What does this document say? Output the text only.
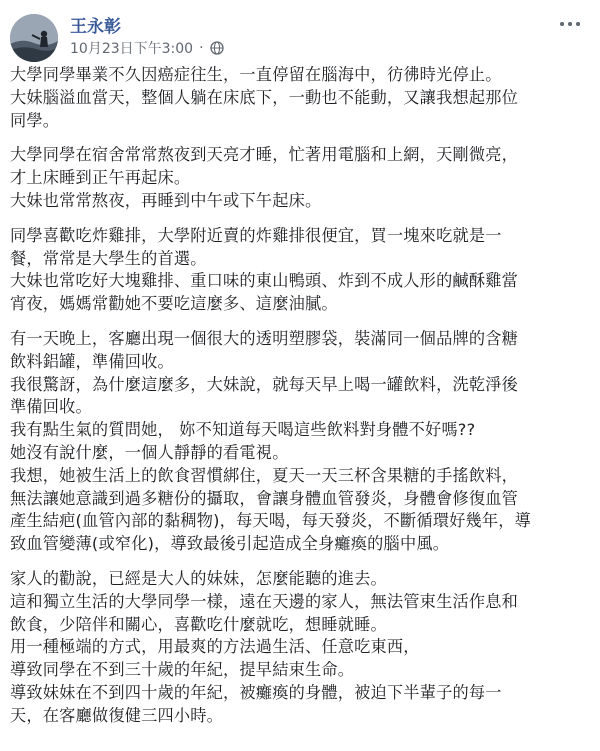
王永彰
10月23日下午3:00 ·

大學同學畢業不久因癌症往生，一直停留在腦海中，彷彿時光停止。
大妹腦溢血當天，整個人躺在床底下，一動也不能動，又讓我想起那位
同學。

大學同學在宿舍常常熬夜到天亮才睡，忙著用電腦和上網，天剛微亮，
才上床睡到正午再起床。
大妹也常常熬夜，再睡到中午或下午起床。

同學喜歡吃炸雞排，大學附近賣的炸雞排很便宜，買一塊來吃就是一
餐，常常是大學生的首選。
大妹也常吃好大塊雞排、重口味的東山鴨頭、炸到不成人形的鹹酥雞當
宵夜，媽媽常勸她不要吃這麼多、這麼油膩。

有一天晚上，客廳出現一個很大的透明塑膠袋，裝滿同一個品牌的含糖
飲料鋁罐，準備回收。
我很驚訝，為什麼這麼多，大妹說，就每天早上喝一罐飲料，洗乾淨後
準備回收。
我有點生氣的質問她， 妳不知道每天喝這些飲料對身體不好嗎??
她沒有說什麼，一個人靜靜的看電視。
我想，她被生活上的飲食習慣綁住，夏天一天三杯含果糖的手搖飲料，
無法讓她意識到過多糖份的攝取，會讓身體血管發炎，身體會修復血管
產生結疤(血管內部的黏稠物)，每天喝，每天發炎，不斷循環好幾年，導
致血管變薄(或窄化)，導致最後引起造成全身癱瘓的腦中風。

家人的勸說，已經是大人的妹妹，怎麼能聽的進去。
這和獨立生活的大學同學一樣，遠在天邊的家人，無法管束生活作息和
飲食，少陪伴和關心，喜歡吃什麼就吃，想睡就睡。
用一種極端的方式，用最爽的方法過生活、任意吃東西，
導致同學在不到三十歲的年紀，提早結束生命。
導致妹妹在不到四十歲的年紀，被癱瘓的身體，被迫下半輩子的每一
天，在客廳做復健三四小時。
